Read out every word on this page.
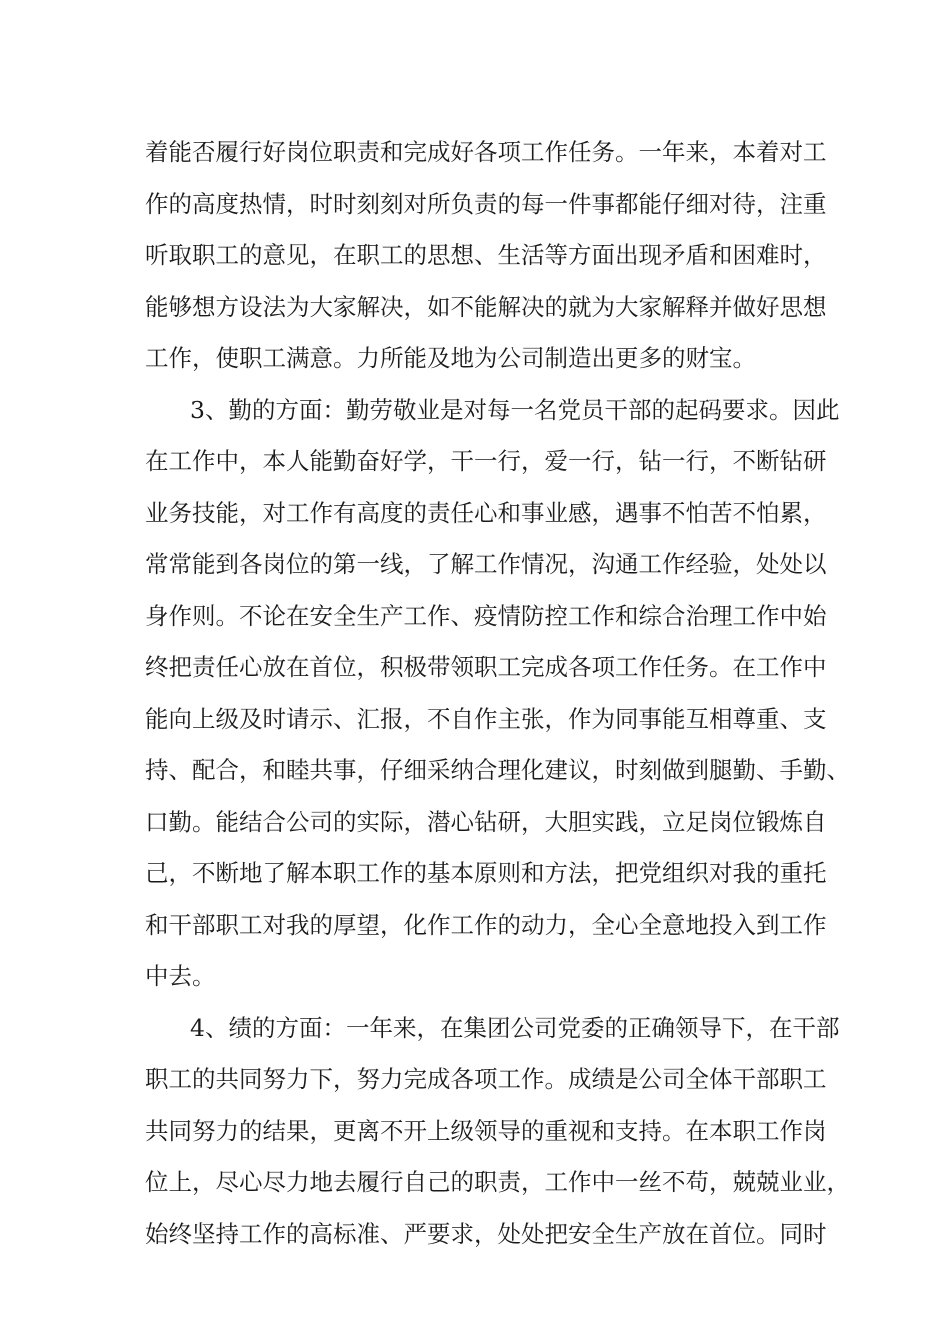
着能否履行好岗位职责和完成好各项工作任务。一年来，本着对工
作的高度热情，时时刻刻对所负责的每一件事都能仔细对待，注重
听取职工的意见，在职工的思想、生活等方面出现矛盾和困难时，
能够想方设法为大家解决，如不能解决的就为大家解释并做好思想
工作，使职工满意。力所能及地为公司制造出更多的财宝。
3、勤的方面：勤劳敬业是对每一名党员干部的起码要求。因此
在工作中，本人能勤奋好学，干一行，爱一行，钻一行，不断钻研
业务技能，对工作有高度的责任心和事业感，遇事不怕苦不怕累，
常常能到各岗位的第一线，了解工作情况，沟通工作经验，处处以
身作则。不论在安全生产工作、疫情防控工作和综合治理工作中始
终把责任心放在首位，积极带领职工完成各项工作任务。在工作中
能向上级及时请示、汇报，不自作主张，作为同事能互相尊重、支
持、配合，和睦共事，仔细采纳合理化建议，时刻做到腿勤、手勤、
口勤。能结合公司的实际，潜心钻研，大胆实践，立足岗位锻炼自
己，不断地了解本职工作的基本原则和方法，把党组织对我的重托
和干部职工对我的厚望，化作工作的动力，全心全意地投入到工作
中去。
4、绩的方面：一年来，在集团公司党委的正确领导下，在干部
职工的共同努力下，努力完成各项工作。成绩是公司全体干部职工
共同努力的结果，更离不开上级领导的重视和支持。在本职工作岗
位上，尽心尽力地去履行自己的职责，工作中一丝不苟，兢兢业业，
始终坚持工作的高标准、严要求，处处把安全生产放在首位。同时
